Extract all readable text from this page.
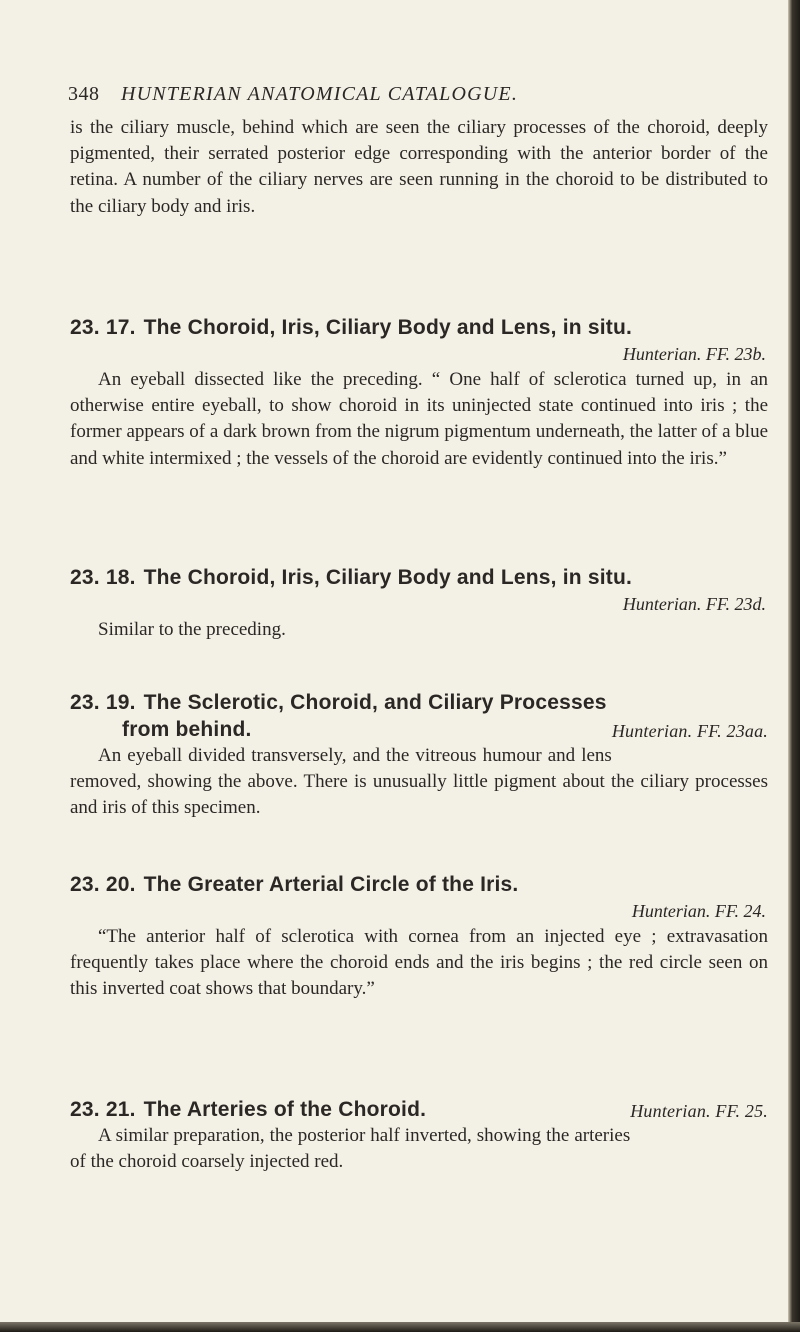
348 HUNTERIAN ANATOMICAL CATALOGUE.
is the ciliary muscle, behind which are seen the ciliary processes of the choroid, deeply pigmented, their serrated posterior edge corresponding with the anterior border of the retina. A number of the ciliary nerves are seen running in the choroid to be distributed to the ciliary body and iris.
23. 17. The Choroid, Iris, Ciliary Body and Lens, in situ.
Hunterian. FF. 23b.
An eyeball dissected like the preceding. “ One half of sclerotica turned up, in an otherwise entire eyeball, to show choroid in its uninjected state continued into iris ; the former appears of a dark brown from the nigrum pigmentum underneath, the latter of a blue and white intermixed ; the vessels of the choroid are evidently continued into the iris.”
23. 18. The Choroid, Iris, Ciliary Body and Lens, in situ.
Hunterian. FF. 23d.
Similar to the preceding.
23. 19. The Sclerotic, Choroid, and Ciliary Processes
from behind.	Hunterian. FF. 23aa.
An eyeball divided transversely, and the vitreous humour and lens removed, showing the above. There is unusually little pigment about the ciliary processes and iris of this specimen.
23. 20. The Greater Arterial Circle of the Iris.
Hunterian. FF. 24.
“The anterior half of sclerotica with cornea from an injected eye ; extravasation frequently takes place where the choroid ends and the iris begins ; the red circle seen on this inverted coat shows that boundary.”
23. 21. The Arteries of the Choroid.	Hunterian. FF. 25.
A similar preparation, the posterior half inverted, showing the arteries of the choroid coarsely injected red.
